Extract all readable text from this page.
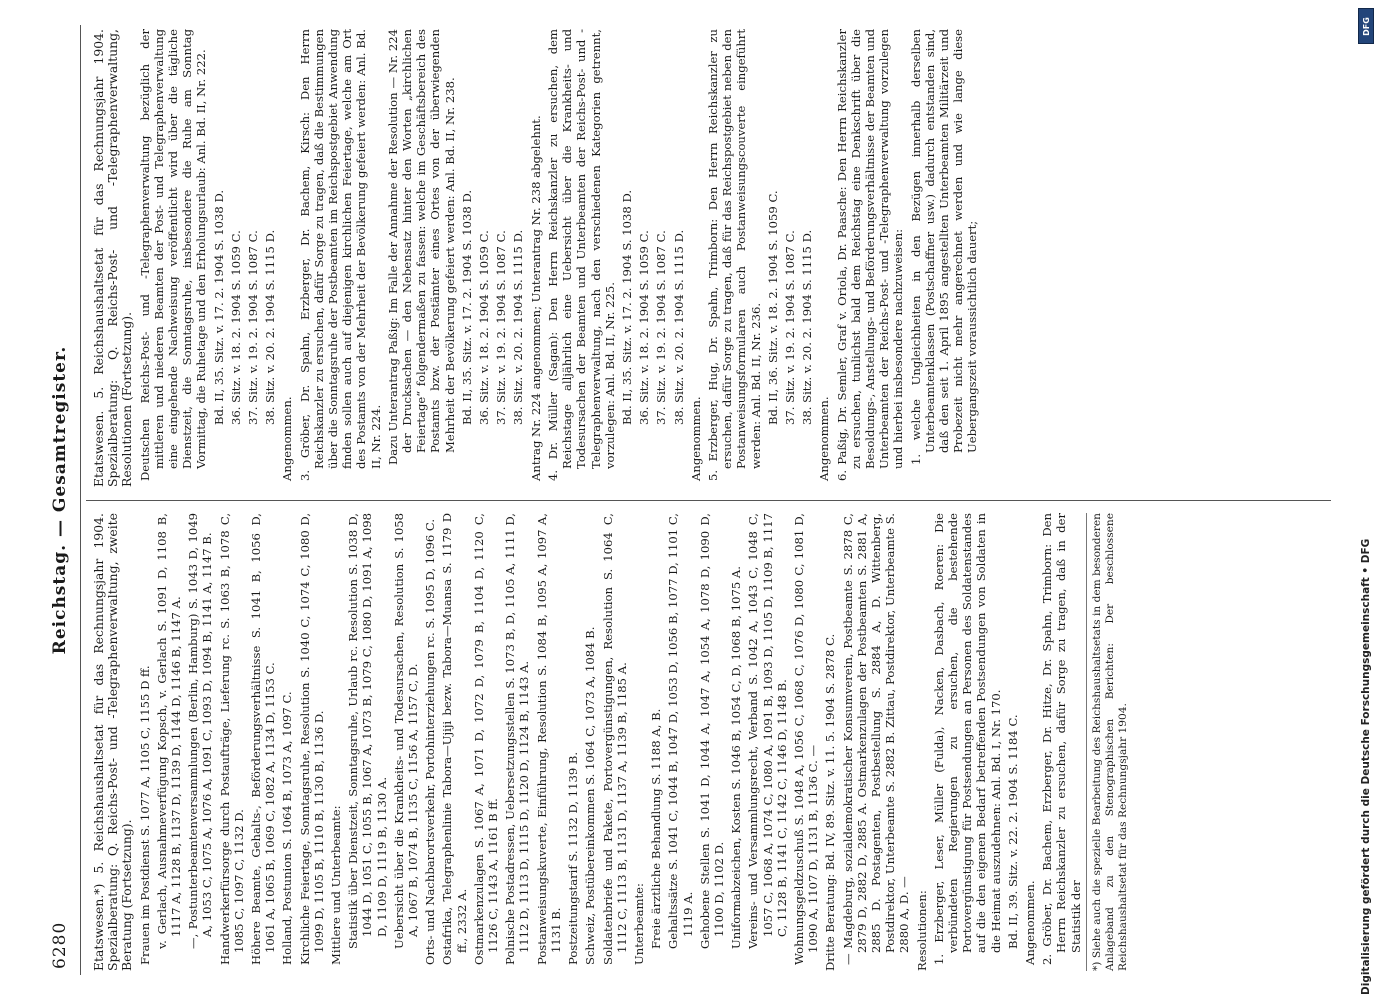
6280
Reichstag. — Gesamtregister.

Etatswesen.*) 5. Reichshaushaltsetat für das Rechnungsjahr 1904. Spezialberatung: Q. Reichs-Post- und -Telegraphenverwaltung, zweite Beratung (Fortsetzung). Frauen im Postdienst S. 1077 A, 1105 C, 1155 D ff. v. Gerlach, Ausnahmeverfügung Kopsch, v. Gerlach S. 1091 D, 1108 B, 1117 A, 1128 B, 1137 D, 1139 D, 1144 D, 1146 B, 1147 A. —, Postunterbeamtenversammlungen (Berlin, Hamburg) S. 1043 D, 1049 A, 1053 C, 1075 A, 1076 A, 1091 C, 1093 D, 1094 B, 1141 A, 1147 B. Handwerkerfürsorge durch Postaufträge, Lieferung rc. S. 1063 B, 1078 C, 1085 C, 1097 C, 1132 D. Höhere Beamte, Gehalts-, Beförderungsverhältnisse S. 1041 B, 1056 D, 1061 A, 1065 B, 1069 C, 1082 A, 1134 D, 1153 C. Holland, Postunion S. 1064 B, 1073 A, 1097 C. Kirchliche Feiertage, Sonntagsruhe, Resolution S. 1040 C, 1074 C, 1080 D, 1099 D, 1105 B, 1110 B, 1130 B, 1136 D. Mittlere und Unterbeamte: Statistik über Dienstzeit, Sonntagsruhe, Urlaub rc. Resolution S. 1038 D, 1044 D, 1051 C, 1055 B, 1067 A, 1073 B, 1079 C, 1080 D, 1091 A, 1098 D, 1109 D, 1119 B, 1130 A. Uebersicht über die Krankheits- und Todesursachen, Resolution S. 1058 A, 1067 B, 1074 B, 1135 C, 1156 A, 1157 C, D. Orts- und Nachbarortsverkehr, Portohinterziehungen rc. S. 1095 D, 1096 C. Ostafrika, Telegraphenlinie Tabora—Ujiji bezw. Tabora—Muansa S. 1179 D ff., 2332 A. Ostmarkenzulagen S. 1067 A, 1071 D, 1072 D, 1079 B, 1104 D, 1120 C, 1126 C, 1143 A, 1161 B ff. Polnische Postadressen, Uebersetzungsstellen S. 1073 B, D, 1105 A, 1111 D, 1112 D, 1113 D, 1115 D, 1120 D, 1124 B, 1143 A. Postanweisungskuverte, Einführung, Resolution S. 1084 B, 1095 A, 1097 A, 1131 B. Postzeitungstarif S. 1132 D, 1139 B. Schweiz, Postübereinkommen S. 1064 C, 1073 A, 1084 B. Soldatenbriefe und Pakete, Portovergünstigungen, Resolution S. 1064 C, 1112 C, 1113 B, 1131 D, 1137 A, 1139 B, 1185 A. Unterbeamte: Freie ärztliche Behandlung S. 1188 A, B. Gehaltssätze S. 1041 C, 1044 B, 1047 D, 1053 D, 1056 B, 1077 D, 1101 C, 1119 A. Gehobene Stellen S. 1041 D, 1044 A, 1047 A, 1054 A, 1078 D, 1090 D, 1100 D, 1102 D. Uniformabzeichen, Kosten S. 1046 B, 1054 C, D, 1068 B, 1075 A. Vereins- und Versammlungsrecht, Verband S. 1042 A, 1043 C, 1048 C, 1057 C, 1068 A, 1074 C, 1080 A, 1091 B, 1093 D, 1105 D, 1109 B, 1117 C, 1128 B, 1141 C, 1142 C, 1146 D, 1148 B. Wohnungsgeldzuschuß S. 1048 A, 1056 C, 1068 C, 1076 D, 1080 C, 1081 D, 1090 A, 1107 D, 1131 B, 1136 C. — Dritte Beratung: Bd. IV, 89. Sitz. v. 11. 5. 1904 S. 2878 C. — Magdeburg, sozialdemokratischer Konsumverein, Postbeamte S. 2878 C, 2879 D, 2882 D, 2885 A. Ostmarkenzulagen der Postbeamten S. 2881 A, 2885 D. Postagenten, Postbestellung S. 2884 A, D. Wittenberg, Postdirektor, Unterbeamte S. 2882 B. Zittau, Postdirektor, Unterbeamte S. 2880 A, D. — Resolutionen: 1. Erzberger, Leser, Müller (Fulda), Nacken, Dasbach, Roeren: Die verbündeten Regierungen zu ersuchen, die bestehende Portovergünstigung für Postsendungen an Personen des Soldatenstandes auf die den eigenen Bedarf betreffenden Postsendungen von Soldaten in die Heimat auszudehnen: Anl. Bd. I, Nr. 170. Bd. II, 39. Sitz. v. 22. 2. 1904 S. 1184 C. Angenommen. 2. Gröber, Dr. Bachem, Erzberger, Dr. Hitze, Dr. Spahn, Trimborn: Den Herrn Reichskanzler zu ersuchen, dafür Sorge zu tragen, daß in der Statistik der *) Siehe auch die spezielle Bearbeitung des Reichshaushaltsetats in dem besonderen Anlageband zu den Stenographischen Berichten: Der beschlossene Reichshaushaltsetat für das Rechnungsjahr 1904.

Etatswesen. 5. Reichshaushaltsetat für das Rechnungsjahr 1904. Spezialberatung: Q. Reichs-Post- und -Telegraphenverwaltung, Resolutionen (Fortsetzung). Deutschen Reichs-Post- und -Telegraphenverwaltung bezüglich der mittleren und niederen Beamten der Post- und Telegraphenverwaltung eine eingehende Nachweisung veröffentlicht wird über die tägliche Dienstzeit, die Sonntagsruhe, insbesondere die Ruhe am Sonntag Vormittag, die Ruhetage und den Erholungsurlaub: Anl. Bd. II, Nr. 222. Bd. II, 35. Sitz. v. 17. 2. 1904 S. 1038 D. 36. Sitz. v. 18. 2. 1904 S. 1059 C. 37. Sitz. v. 19. 2. 1904 S. 1087 C. 38. Sitz. v. 20. 2. 1904 S. 1115 D.

Angenommen. 3. Gröber, Dr. Spahn, Erzberger, Dr. Bachem, Kirsch: Den Herrn Reichskanzler zu ersuchen, dafür Sorge zu tragen, daß die Bestimmungen über die Sonntagsruhe der Postbeamten im Reichspostgebiet Anwendung finden sollen auch auf diejenigen kirchlichen Feiertage, welche am Ort des Postamts von der Mehrheit der Bevölkerung gefeiert werden: Anl. Bd. II, Nr. 224. Dazu Unterantrag Paßig: Im Falle der Annahme der Resolution — Nr. 224 der Drucksachen — den Nebensatz hinter den Worten „kirchlichen Feiertage“ folgendermaßen zu fassen: welche im Geschäftsbereich des Postamts bzw. der Postämter eines Ortes von der überwiegenden Mehrheit der Bevölkerung gefeiert werden: Anl. Bd. II, Nr. 238. Bd. II, 35. Sitz. v. 17. 2. 1904 S. 1038 D. 36. Sitz. v. 18. 2. 1904 S. 1059 C. 37. Sitz. v. 19. 2. 1904 S. 1087 C. 38. Sitz. v. 20. 2. 1904 S. 1115 D. Antrag Nr. 224 angenommen; Unterantrag Nr. 238 abgelehnt. 4. Dr. Müller (Sagan): Den Herrn Reichskanzler zu ersuchen, dem Reichstage alljährlich eine Uebersicht über die Krankheits- und Todesursachen der Beamten und Unterbeamten der Reichs-Post- und -Telegraphenverwaltung, nach den verschiedenen Kategorien getrennt, vorzulegen: Anl. Bd. II, Nr. 225. Bd. II, 35. Sitz. v. 17. 2. 1904 S. 1038 D. 36. Sitz. v. 18. 2. 1904 S. 1059 C. 37. Sitz. v. 19. 2. 1904 S. 1087 C. 38. Sitz. v. 20. 2. 1904 S. 1115 D.

Angenommen. 5. Erzberger, Hug, Dr. Spahn, Trimborn: Den Herrn Reichskanzler zu ersuchen, dafür Sorge zu tragen, daß für das Reichspostgebiet neben den Postanweisungsformularen auch Postanweisungscouverte eingeführt werden: Anl. Bd. II, Nr. 236. Bd. II, 36. Sitz. v. 18. 2. 1904 S. 1059 C. 37. Sitz. v. 19. 2. 1904 S. 1087 C. 38. Sitz. v. 20. 2. 1904 S. 1115 D.

Angenommen. 6. Paßig, Dr. Semler, Graf v. Oriola, Dr. Paasche: Den Herrn Reichskanzler zu ersuchen, tunlichst bald dem Reichstag eine Denkschrift über die Besoldungs-, Anstellungs- und Beförderungsverhältnisse der Beamten und Unterbeamten der Reichs-Post- und -Telegraphenverwaltung vorzulegen und hierbei insbesondere nachzuweisen: 1. welche Ungleichheiten in den Bezügen innerhalb derselben Unterbeamtenklassen (Postschaffner usw.) dadurch entstanden sind, daß den seit 1. April 1895 angestellten Unterbeamten Militärzeit und Probezeit nicht mehr angerechnet werden und wie lange diese Uebergangszeit voraussichtlich dauert;

Digitalisierung gefördert durch die Deutsche Forschungsgemeinschaft • DFG
DFG
